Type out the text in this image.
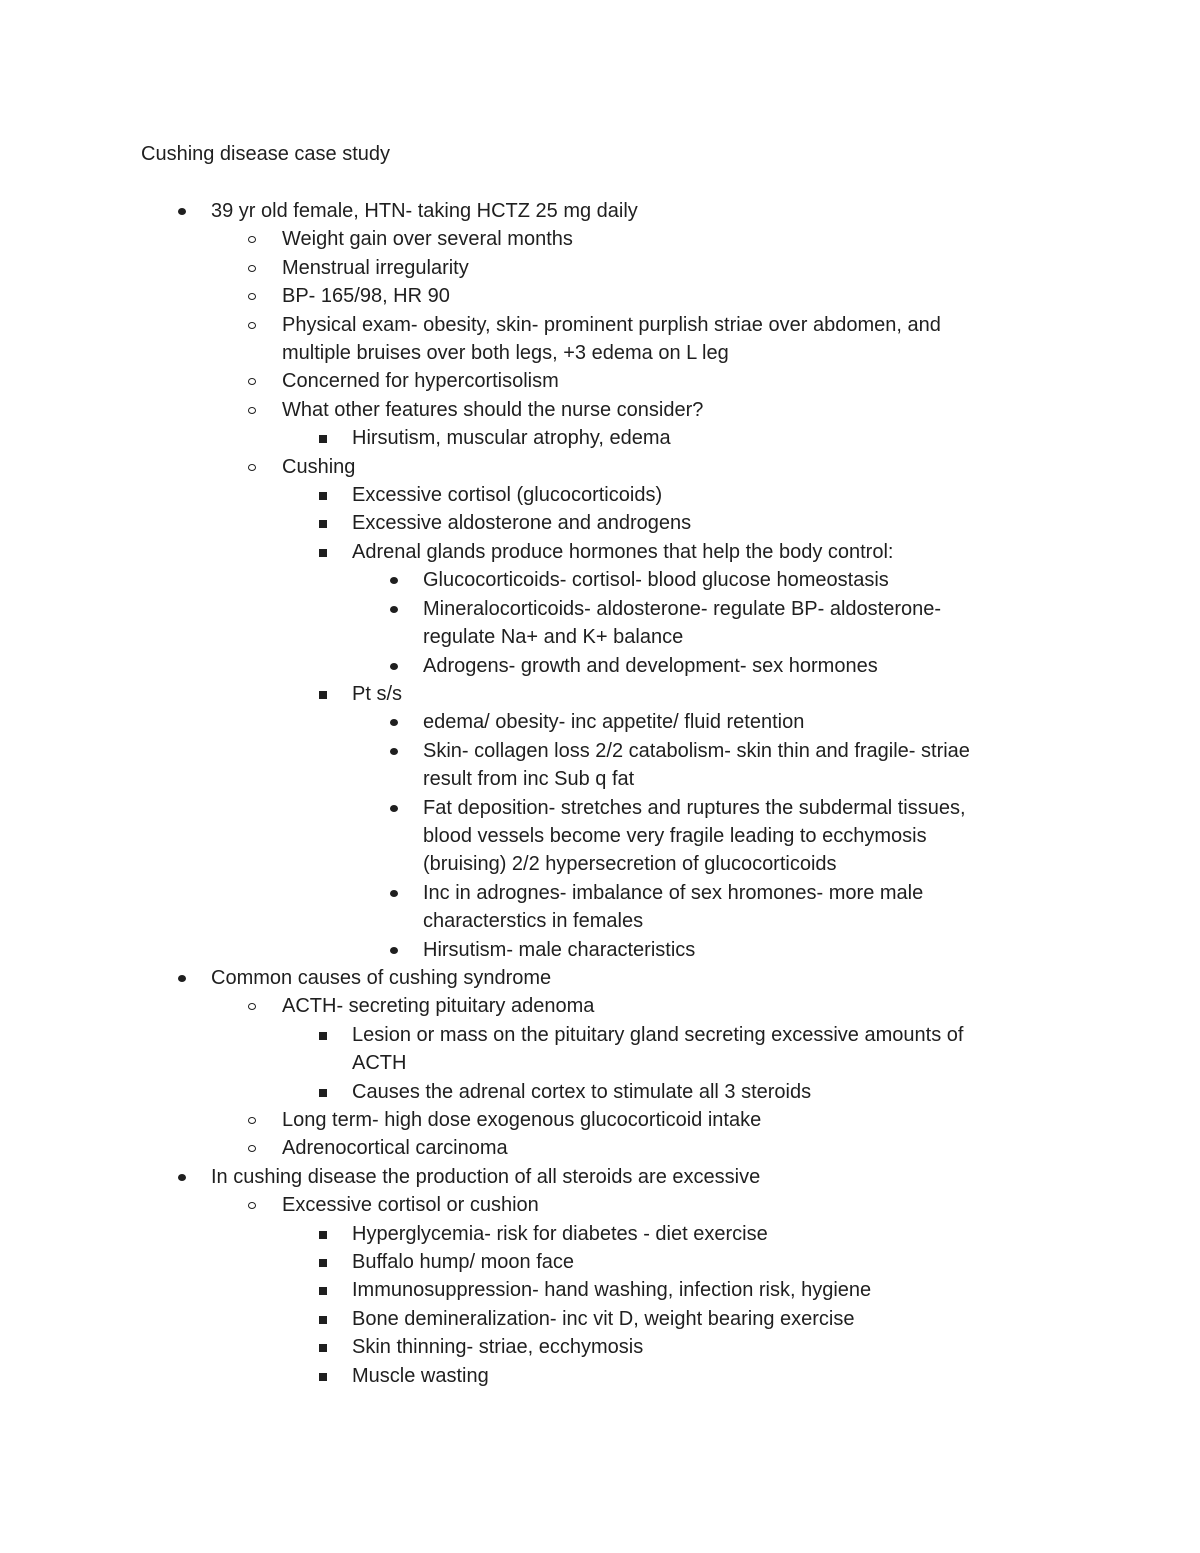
Cushing disease case study
39 yr old female, HTN- taking HCTZ 25 mg daily
Weight gain over several months
Menstrual irregularity
BP- 165/98, HR 90
Physical exam- obesity, skin- prominent purplish striae over abdomen, and
multiple bruises over both legs, +3 edema on L leg
Concerned for hypercortisolism
What other features should the nurse consider?
Hirsutism, muscular atrophy, edema
Cushing
Excessive cortisol (glucocorticoids)
Excessive aldosterone and androgens
Adrenal glands produce hormones that help the body control:
Glucocorticoids- cortisol- blood glucose homeostasis
Mineralocorticoids- aldosterone- regulate BP- aldosterone-
regulate Na+ and K+ balance
Adrogens- growth and development- sex hormones
Pt s/s
edema/ obesity- inc appetite/ fluid retention
Skin- collagen loss 2/2 catabolism- skin thin and fragile- striae
result from inc Sub q fat
Fat deposition- stretches and ruptures the subdermal tissues,
blood vessels become very fragile leading to ecchymosis
(bruising) 2/2 hypersecretion of glucocorticoids
Inc in adrognes- imbalance of sex hromones- more male
characterstics in females
Hirsutism- male characteristics
Common causes of cushing syndrome
ACTH- secreting pituitary adenoma
Lesion or mass on the pituitary gland secreting excessive amounts of
ACTH
Causes the adrenal cortex to stimulate all 3 steroids
Long term- high dose exogenous glucocorticoid intake
Adrenocortical carcinoma
In cushing disease the production of all steroids are excessive
Excessive cortisol or cushion
Hyperglycemia- risk for diabetes - diet exercise
Buffalo hump/ moon face
Immunosuppression- hand washing, infection risk, hygiene
Bone demineralization- inc vit D, weight bearing exercise
Skin thinning- striae, ecchymosis
Muscle wasting
